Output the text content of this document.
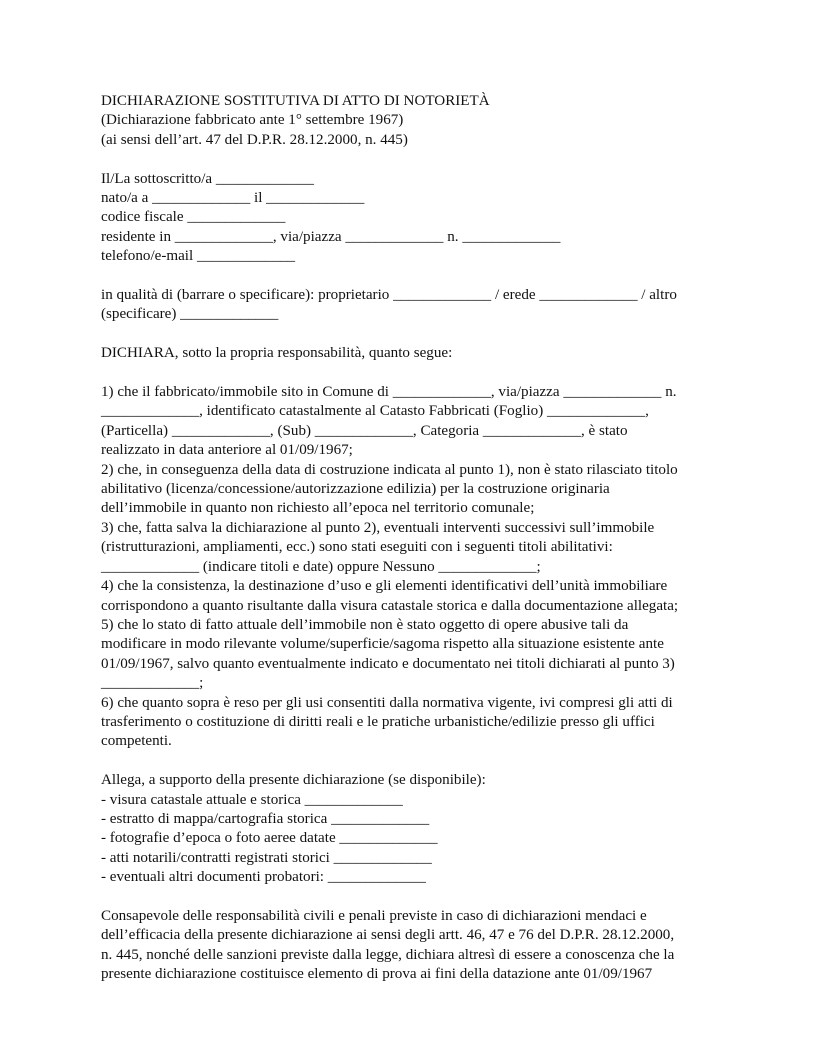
DICHIARAZIONE SOSTITUTIVA DI ATTO DI NOTORIETÀ
(Dichiarazione fabbricato ante 1° settembre 1967)
(ai sensi dell’art. 47 del D.P.R. 28.12.2000, n. 445)
Il/La sottoscritto/a _____________
nato/a a _____________ il _____________
codice fiscale _____________
residente in _____________, via/piazza _____________ n. _____________
telefono/e-mail _____________
in qualità di (barrare o specificare): proprietario _____________ / erede _____________ / altro
(specificare) _____________
DICHIARA, sotto la propria responsabilità, quanto segue:
1) che il fabbricato/immobile sito in Comune di _____________, via/piazza _____________ n.
_____________, identificato catastalmente al Catasto Fabbricati (Foglio) _____________,
(Particella) _____________, (Sub) _____________, Categoria _____________, è stato
realizzato in data anteriore al 01/09/1967;
2) che, in conseguenza della data di costruzione indicata al punto 1), non è stato rilasciato titolo
abilitativo (licenza/concessione/autorizzazione edilizia) per la costruzione originaria
dell’immobile in quanto non richiesto all’epoca nel territorio comunale;
3) che, fatta salva la dichiarazione al punto 2), eventuali interventi successivi sull’immobile
(ristrutturazioni, ampliamenti, ecc.) sono stati eseguiti con i seguenti titoli abilitativi:
_____________ (indicare titoli e date) oppure Nessuno _____________;
4) che la consistenza, la destinazione d’uso e gli elementi identificativi dell’unità immobiliare
corrispondono a quanto risultante dalla visura catastale storica e dalla documentazione allegata;
5) che lo stato di fatto attuale dell’immobile non è stato oggetto di opere abusive tali da
modificare in modo rilevante volume/superficie/sagoma rispetto alla situazione esistente ante
01/09/1967, salvo quanto eventualmente indicato e documentato nei titoli dichiarati al punto 3)
_____________;
6) che quanto sopra è reso per gli usi consentiti dalla normativa vigente, ivi compresi gli atti di
trasferimento o costituzione di diritti reali e le pratiche urbanistiche/edilizie presso gli uffici
competenti.
Allega, a supporto della presente dichiarazione (se disponibile):
- visura catastale attuale e storica _____________
- estratto di mappa/cartografia storica _____________
- fotografie d’epoca o foto aeree datate _____________
- atti notarili/contratti registrati storici _____________
- eventuali altri documenti probatori: _____________
Consapevole delle responsabilità civili e penali previste in caso di dichiarazioni mendaci e
dell’efficacia della presente dichiarazione ai sensi degli artt. 46, 47 e 76 del D.P.R. 28.12.2000,
n. 445, nonché delle sanzioni previste dalla legge, dichiara altresì di essere a conoscenza che la
presente dichiarazione costituisce elemento di prova ai fini della datazione ante 01/09/1967
